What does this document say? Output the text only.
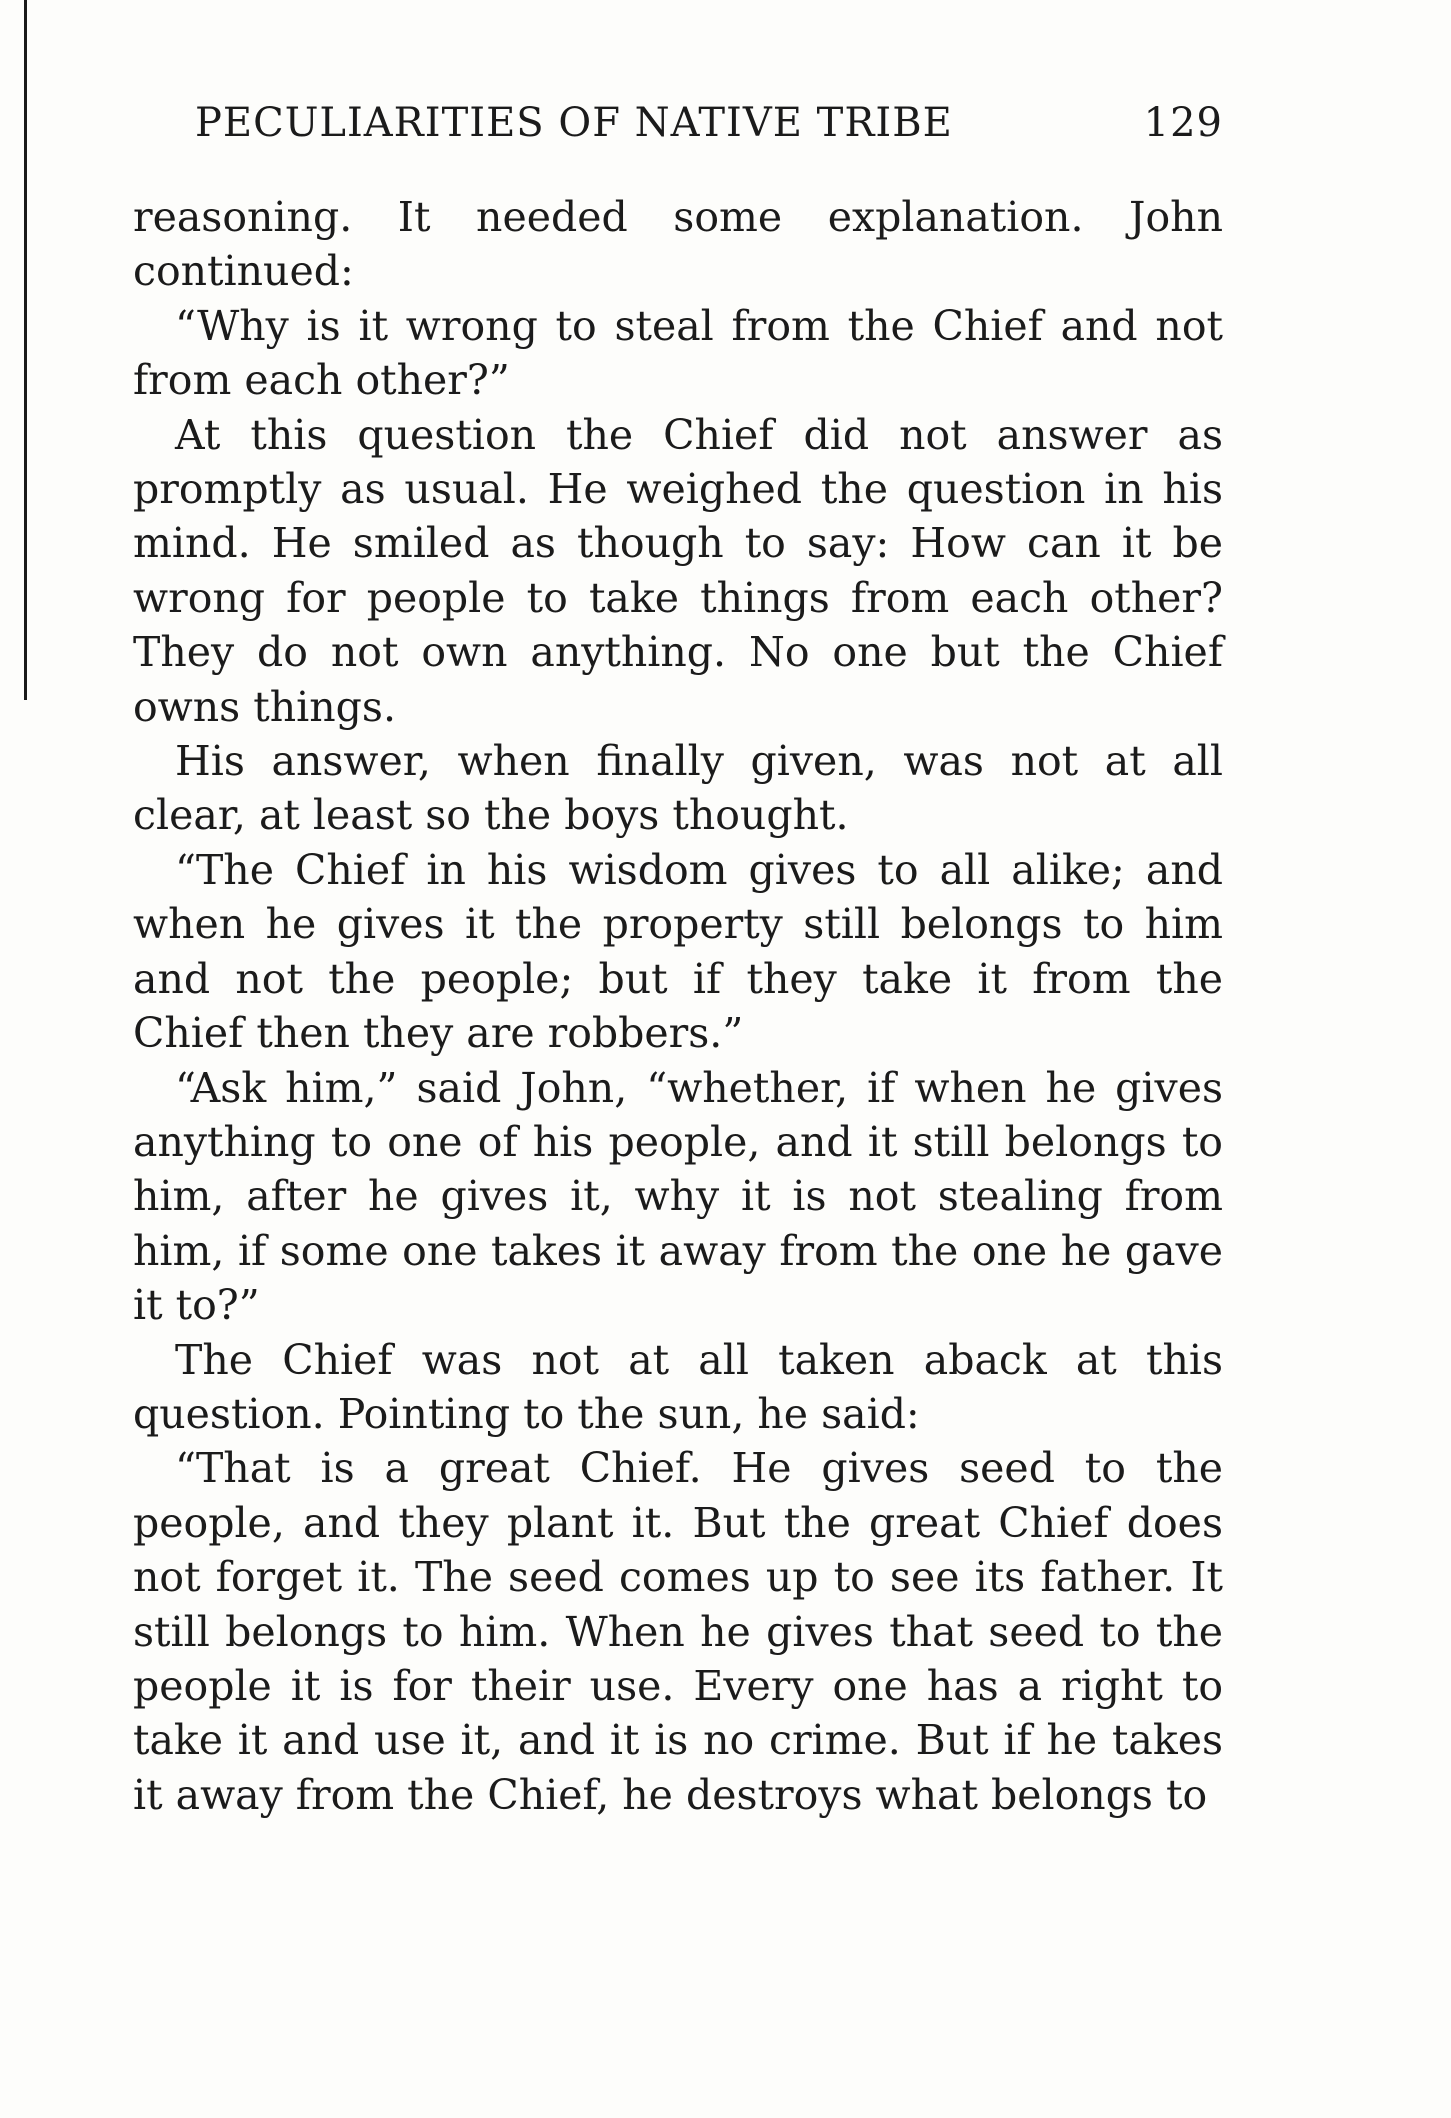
PECULIARITIES OF NATIVE TRIBE	129

reasoning. It needed some explanation. John continued:

“Why is it wrong to steal from the Chief and not from each other?”

At this question the Chief did not answer as promptly as usual. He weighed the question in his mind. He smiled as though to say: How can it be wrong for people to take things from each other? They do not own anything. No one but the Chief owns things.

His answer, when finally given, was not at all clear, at least so the boys thought.

“The Chief in his wisdom gives to all alike; and when he gives it the property still belongs to him and not the people; but if they take it from the Chief then they are robbers.”

“Ask him,” said John, “whether, if when he gives anything to one of his people, and it still belongs to him, after he gives it, why it is not stealing from him, if some one takes it away from the one he gave it to?”

The Chief was not at all taken aback at this question. Pointing to the sun, he said:

“That is a great Chief. He gives seed to the people, and they plant it. But the great Chief does not forget it. The seed comes up to see its father. It still belongs to him. When he gives that seed to the people it is for their use. Every one has a right to take it and use it, and it is no crime. But if he takes it away from the Chief, he destroys what belongs to
